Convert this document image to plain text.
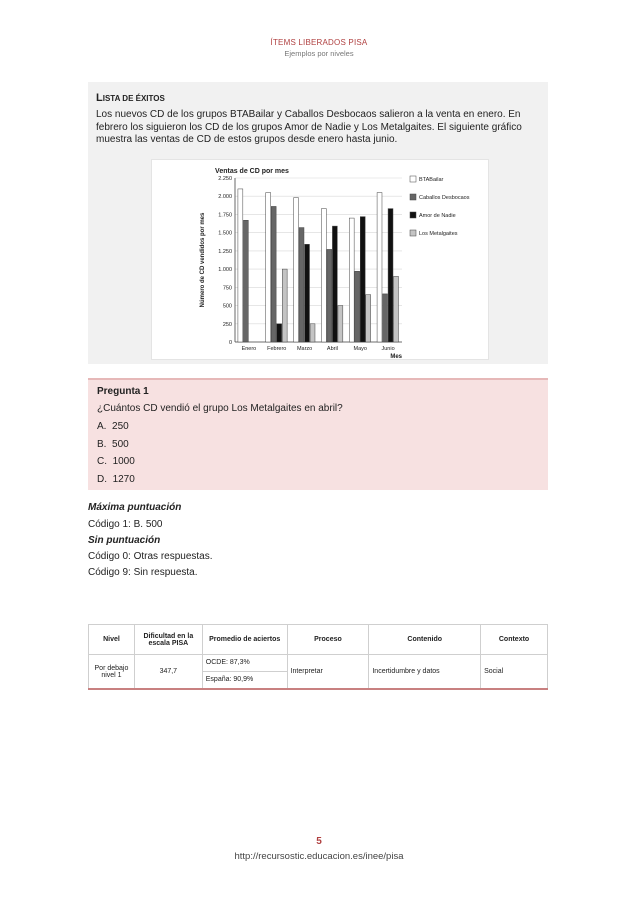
ÍTEMS LIBERADOS PISA
Ejemplos por niveles
LISTA DE ÉXITOS
Los nuevos CD de los grupos BTABailar y Caballos Desbocaos salieron a la venta en enero. En febrero los siguieron los CD de los grupos Amor de Nadie y Los Metalgaites. El siguiente gráfico muestra las ventas de CD de estos grupos desde enero hasta junio.
Ventas de CD por mes
Número de CD vendidos por mes
Mes
0
250
500
750
1.000
1.250
1.500
1.750
2.000
2.250
Enero Febrero Marzo	Abril	Mayo	Junio
BTABailar
Caballos Desbocaos
Amor de Nadie
Los Metalgaites
Pregunta 1
¿Cuántos CD vendió el grupo Los Metalgaites en abril?
A. 250
B. 500
C. 1000
D. 1270
Máxima puntuación
Código 1: B. 500
Sin puntuación
Código 0: Otras respuestas.
Código 9: Sin respuesta.
Nivel	Dificultad en la escala PISA	Promedio de aciertos	Proceso	Contenido	Contexto
Por debajo nivel 1	347,7	OCDE: 87,3%	Interpretar	Incertidumbre y datos	Social
		España: 90,9%			
5
http://recursostic.educacion.es/inee/pisa
